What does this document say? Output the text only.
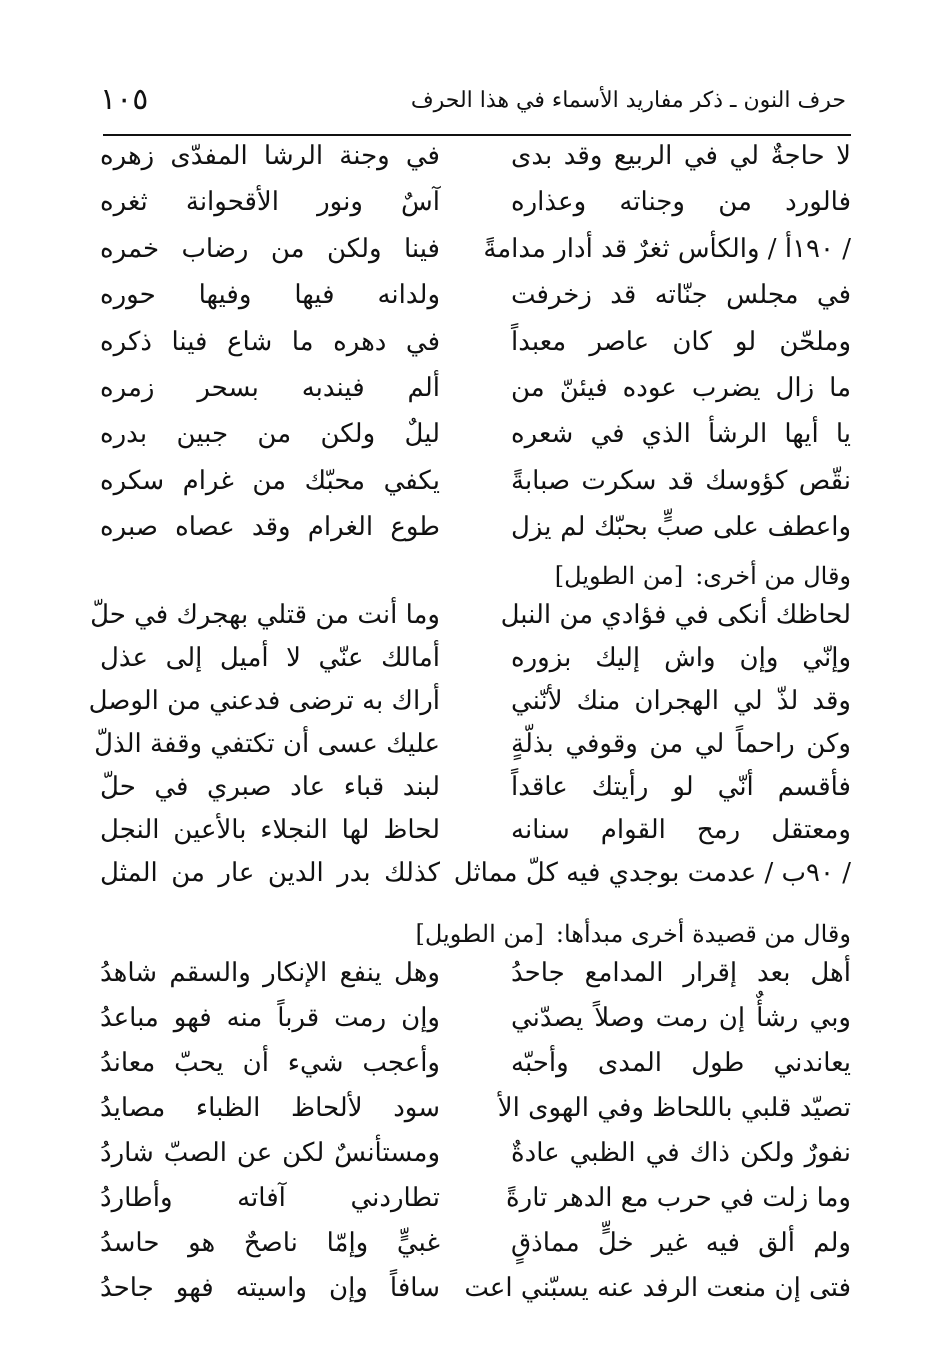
١٠٥	حرف النون ـ ذكر مفاريد الأسماء في هذا الحرف
لا حاجةٌ لي في الربيع وقد بدى
في وجنة الرشا المفدّى زهره
فالورد من وجناته وعذاره
آسٌ ونور الأقحوانة ثغره
/ ١٩٠أ / والكأس ثغرٌ قد أدار مدامةً
فينا ولكن من رضاب خمره
في مجلس جنّاته قد زخرفت
ولدانه فيها وفيها حوره
وملحّن لو كان عاصر معبداً
في دهره ما شاع فينا ذكره
ما زال يضرب عوده فيئنّ من
ألم فيندبه بسحر زمره
يا أيها الرشأ الذي في شعره
ليلٌ ولكن من جبين بدره
نقّص كؤوسك قد سكرت صبابةً
يكفي محبّك من غرام سكره
واعطف على صبٍّ بحبّك لم يزل
طوع الغرام وقد عصاه صبره
وقال من أخرى:[من الطويل]
لحاظك أنكى في فؤادي من النبل
وما أنت من قتلي بهجرك في حلّ
وإنّي وإن واش إليك بزوره
أمالك عنّي لا أميل إلى عذل
وقد لذّ لي الهجران منك لأنّني
أراك به ترضى فدعني من الوصل
وكن راحماً لي من وقوفي بذلّةٍ
عليك عسى أن تكتفي وقفة الذلّ
فأقسم أنّي لو رأيتك عاقداً
لبند قباء عاد صبري في حلّ
ومعتقل رمح القوام سنانه
لحاظ لها النجلاء بالأعين النجل
/ ٩٠ب / عدمت بوجدي فيه كلّ مماثل
كذلك بدر الدين عار من المثل
وقال من قصيدة أخرى مبدأها:[من الطويل]
أهل بعد إقرار المدامع جاحدُ
وهل ينفع الإنكار والسقم شاهدُ
وبي رشأٌ إن رمت وصلاً يصدّني
وإن رمت قرباً منه فهو مباعدُ
يعاندني طول المدى وأحبّه
وأعجب شيء أن يحبّ معاندُ
تصيّد قلبي باللحاظ وفي الهوى الأ
سود لألحاظ الظباء مصايدُ
نفورٌ ولكن ذاك في الظبي عادةٌ
ومستأنسٌ لكن عن الصبّ شاردُ
وما زلت في حرب مع الدهر تارةً
تطاردني آفاته وأطاردُ
ولم ألق فيه غير خلٍّ مماذقٍ
غبيٍّ وإمّا ناصحٌ هو حاسدُ
فتى إن منعت الرفد عنه يسبّني اعت
سافاً وإن واسيته فهو جاحدُ
